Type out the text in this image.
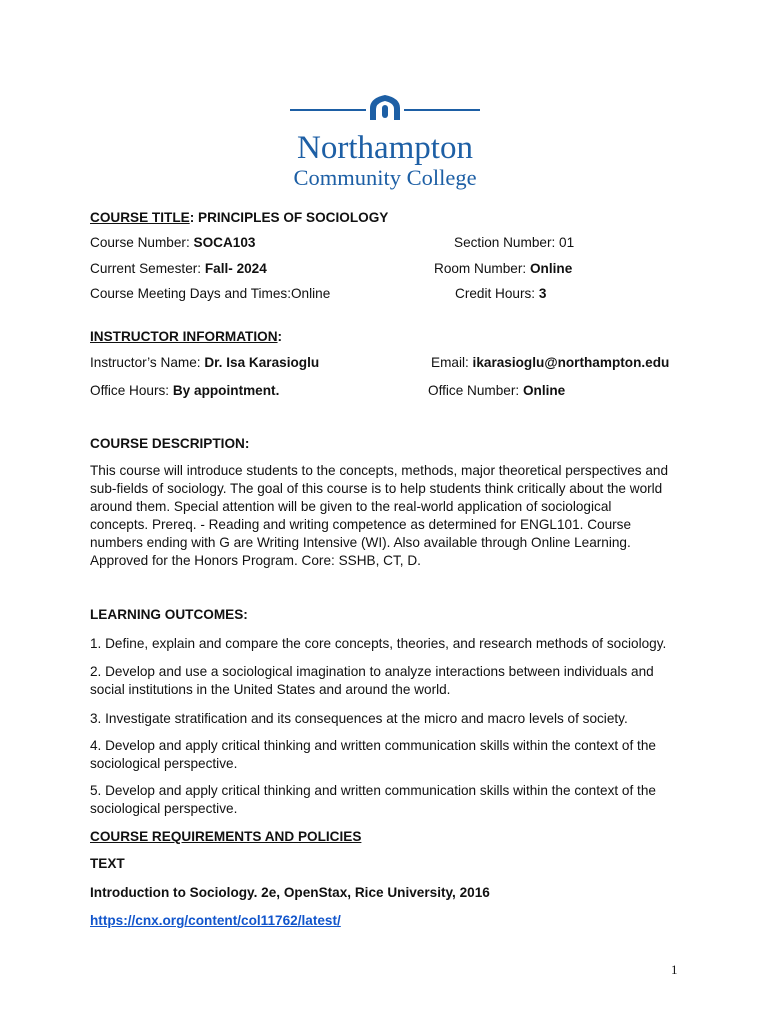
Northampton
Community College
COURSE TITLE: PRINCIPLES OF SOCIOLOGY
Course Number: SOCA103	Section Number: 01
Current Semester: Fall- 2024	Room Number: Online
Course Meeting Days and Times:Online	Credit Hours: 3
INSTRUCTOR INFORMATION:
Instructor’s Name: Dr. Isa Karasioglu	Email: ikarasioglu@northampton.edu
Office Hours: By appointment.	Office Number: Online
COURSE DESCRIPTION:
This course will introduce students to the concepts, methods, major theoretical perspectives and
sub-fields of sociology. The goal of this course is to help students think critically about the world
around them. Special attention will be given to the real-world application of sociological
concepts. Prereq. - Reading and writing competence as determined for ENGL101. Course
numbers ending with G are Writing Intensive (WI). Also available through Online Learning.
Approved for the Honors Program. Core: SSHB, CT, D.
LEARNING OUTCOMES:
1. Define, explain and compare the core concepts, theories, and research methods of sociology.
2. Develop and use a sociological imagination to analyze interactions between individuals and
social institutions in the United States and around the world.
3. Investigate stratification and its consequences at the micro and macro levels of society.
4. Develop and apply critical thinking and written communication skills within the context of the
sociological perspective.
5. Develop and apply critical thinking and written communication skills within the context of the
sociological perspective.
COURSE REQUIREMENTS AND POLICIES
TEXT
Introduction to Sociology. 2e, OpenStax, Rice University, 2016
https://cnx.org/content/col11762/latest/
1
